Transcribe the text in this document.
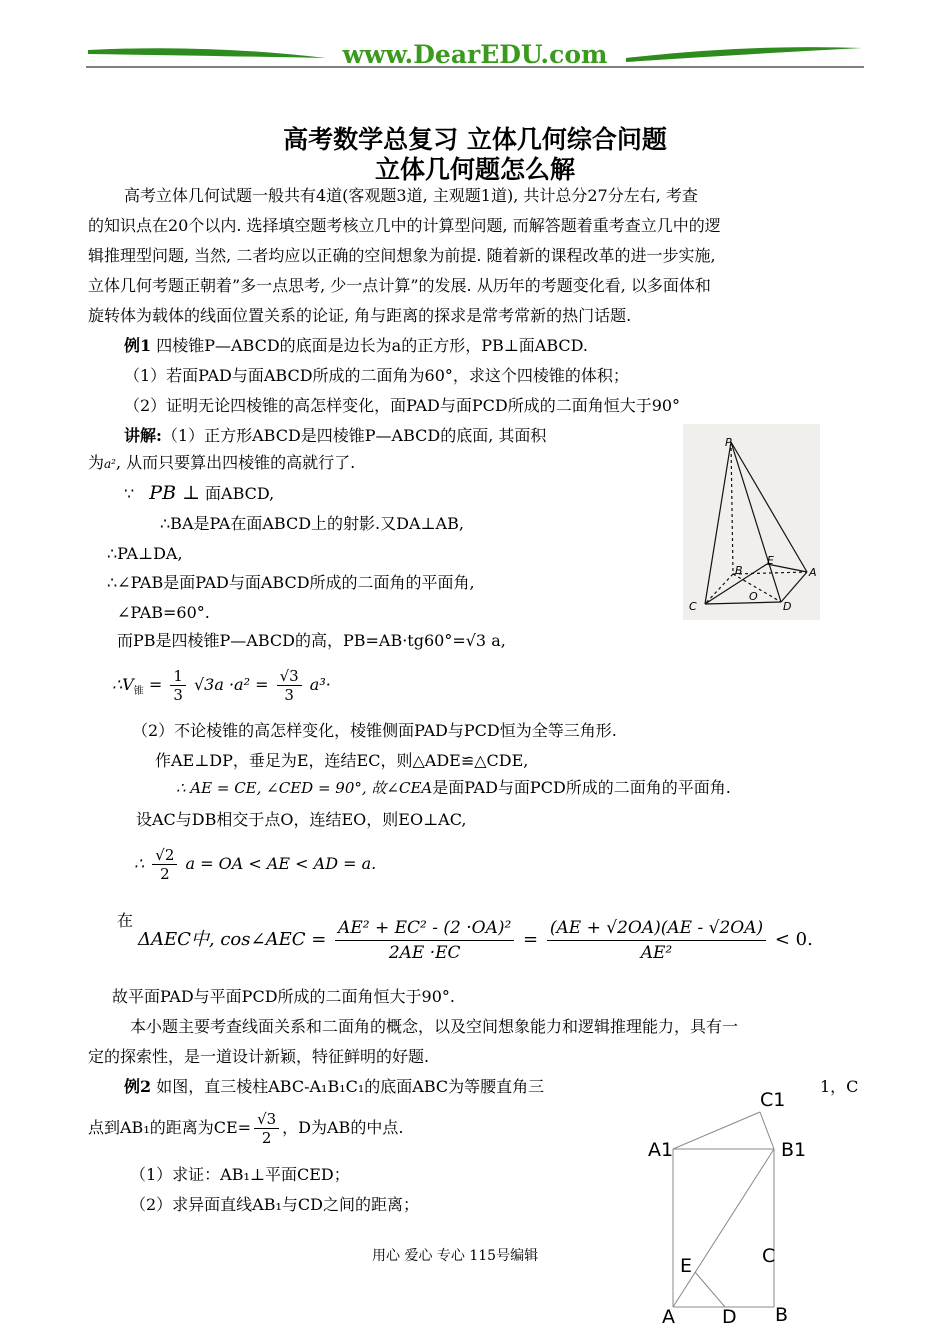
www.DearEDU.com
高考数学总复习 立体几何综合问题
立体几何题怎么解
高考立体几何试题一般共有4道(客观题3道, 主观题1道), 共计总分27分左右, 考查
的知识点在20个以内. 选择填空题考核立几中的计算型问题, 而解答题着重考查立几中的逻
辑推理型问题, 当然, 二者均应以正确的空间想象为前提. 随着新的课程改革的进一步实施,
立体几何考题正朝着”多一点思考, 少一点计算”的发展. 从历年的考题变化看, 以多面体和
旋转体为载体的线面位置关系的论证, 角与距离的探求是常考常新的热门话题.
例1 四棱锥P—ABCD的底面是边长为a的正方形，PB⊥面ABCD.
（1）若面PAD与面ABCD所成的二面角为60°，求这个四棱锥的体积；
（2）证明无论四棱锥的高怎样变化，面PAD与面PCD所成的二面角恒大于90°
讲解:（1）正方形ABCD是四棱锥P—ABCD的底面, 其面积
为a², 从而只要算出四棱锥的高就行了.
∵ PB ⊥ 面ABCD,
∴BA是PA在面ABCD上的射影.又DA⊥AB,
∴PA⊥DA,
∴∠PAB是面PAD与面ABCD所成的二面角的平面角,
∠PAB=60°.
而PB是四棱锥P—ABCD的高，PB=AB·tg60°=√3 a,
$\therefore V_锥 = \frac{1}{3} √3a \cdot a^2 = \frac{√3}{3} a^3\cdot$
（2）不论棱锥的高怎样变化，棱锥侧面PAD与PCD恒为全等三角形.
作AE⊥DP，垂足为E，连结EC，则△ADE≌△CDE,
∴ AE = CE, ∠CED = 90°, 故∠CEA是面PAD与面PCD所成的二面角的平面角.
设AC与DB相交于点O，连结EO，则EO⊥AC,
∴ $\frac{√2}{2}$ a = OA < AE < AD = a.
在
ΔAEC中, cos∠AEC = $\frac{\text{AE² + EC² - (2 ·OA)²}}{2AE \cdot EC} = \frac{(AE + √2OA)(AE - √2OA)}{\text{AE²}} < 0$.
故平面PAD与平面PCD所成的二面角恒大于90°.
本小题主要考查线面关系和二面角的概念，以及空间想象能力和逻辑推理能力，具有一
定的探索性，是一道设计新颖，特征鲜明的好题.
P
E
B	A
C
O
D
例2 如图，直三棱柱ABC-A₁B₁C₁的底面ABC为等腰直角三	1，C
点到AB₁的距离为$CE= \frac{√3}{2}$ ，D为AB的中点.
（1）求证：AB₁⊥平面CED；
（2）求异面直线AB₁与CD之间的距离；
C1
A1	B1
C
E
A D B
用心 爱心 专心 115号编辑
